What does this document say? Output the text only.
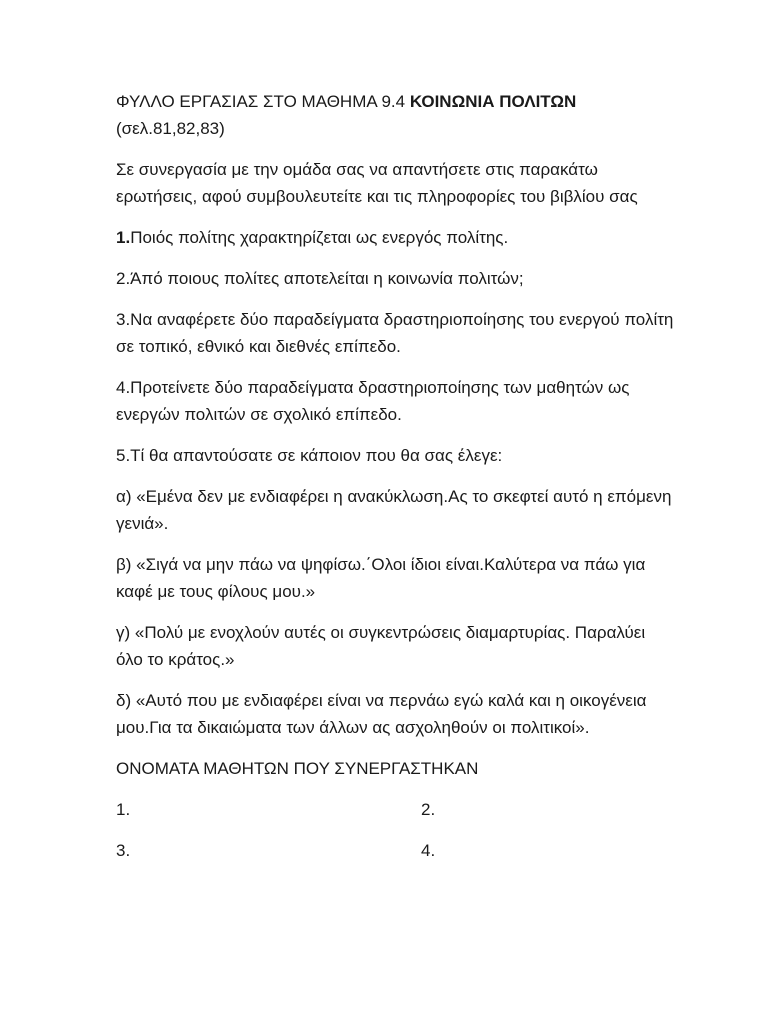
ΦΥΛΛΟ ΕΡΓΑΣΙΑΣ ΣΤΟ ΜΑΘΗΜΑ 9.4 ΚΟΙΝΩΝΙΑ ΠΟΛΙΤΩΝ
(σελ.81,82,83)

Σε συνεργασία με την ομάδα σας να απαντήσετε στις παρακάτω ερωτήσεις, αφού συμβουλευτείτε και τις πληροφορίες του βιβλίου σας

1.Ποιός πολίτης χαρακτηρίζεται ως ενεργός πολίτης.

2.Άπό ποιους πολίτες αποτελείται η κοινωνία πολιτών;

3.Να αναφέρετε δύο παραδείγματα δραστηριοποίησης του ενεργού πολίτη σε τοπικό, εθνικό και διεθνές επίπεδο.

4.Προτείνετε δύο παραδείγματα δραστηριοποίησης των μαθητών ως ενεργών πολιτών σε σχολικό επίπεδο.

5.Τί θα απαντούσατε σε κάποιον που θα σας έλεγε:

α) «Εμένα δεν με ενδιαφέρει η ανακύκλωση.Ας το σκεφτεί αυτό η επόμενη γενιά».

β) «Σιγά να μην πάω να ψηφίσω.΄Ολοι ίδιοι είναι.Καλύτερα να πάω για καφέ με τους φίλους μου.»

γ) «Πολύ με ενοχλούν αυτές οι συγκεντρώσεις διαμαρτυρίας. Παραλύει όλο το κράτος.»

δ) «Αυτό που με ενδιαφέρει είναι να περνάω εγώ καλά και η οικογένεια μου.Για τα δικαιώματα των άλλων ας ασχοληθούν οι πολιτικοί».

ΟΝΟΜΑΤΑ ΜΑΘΗΤΩΝ ΠΟΥ ΣΥΝΕΡΓΑΣΤΗΚΑΝ

1.	2.
3.	4.
